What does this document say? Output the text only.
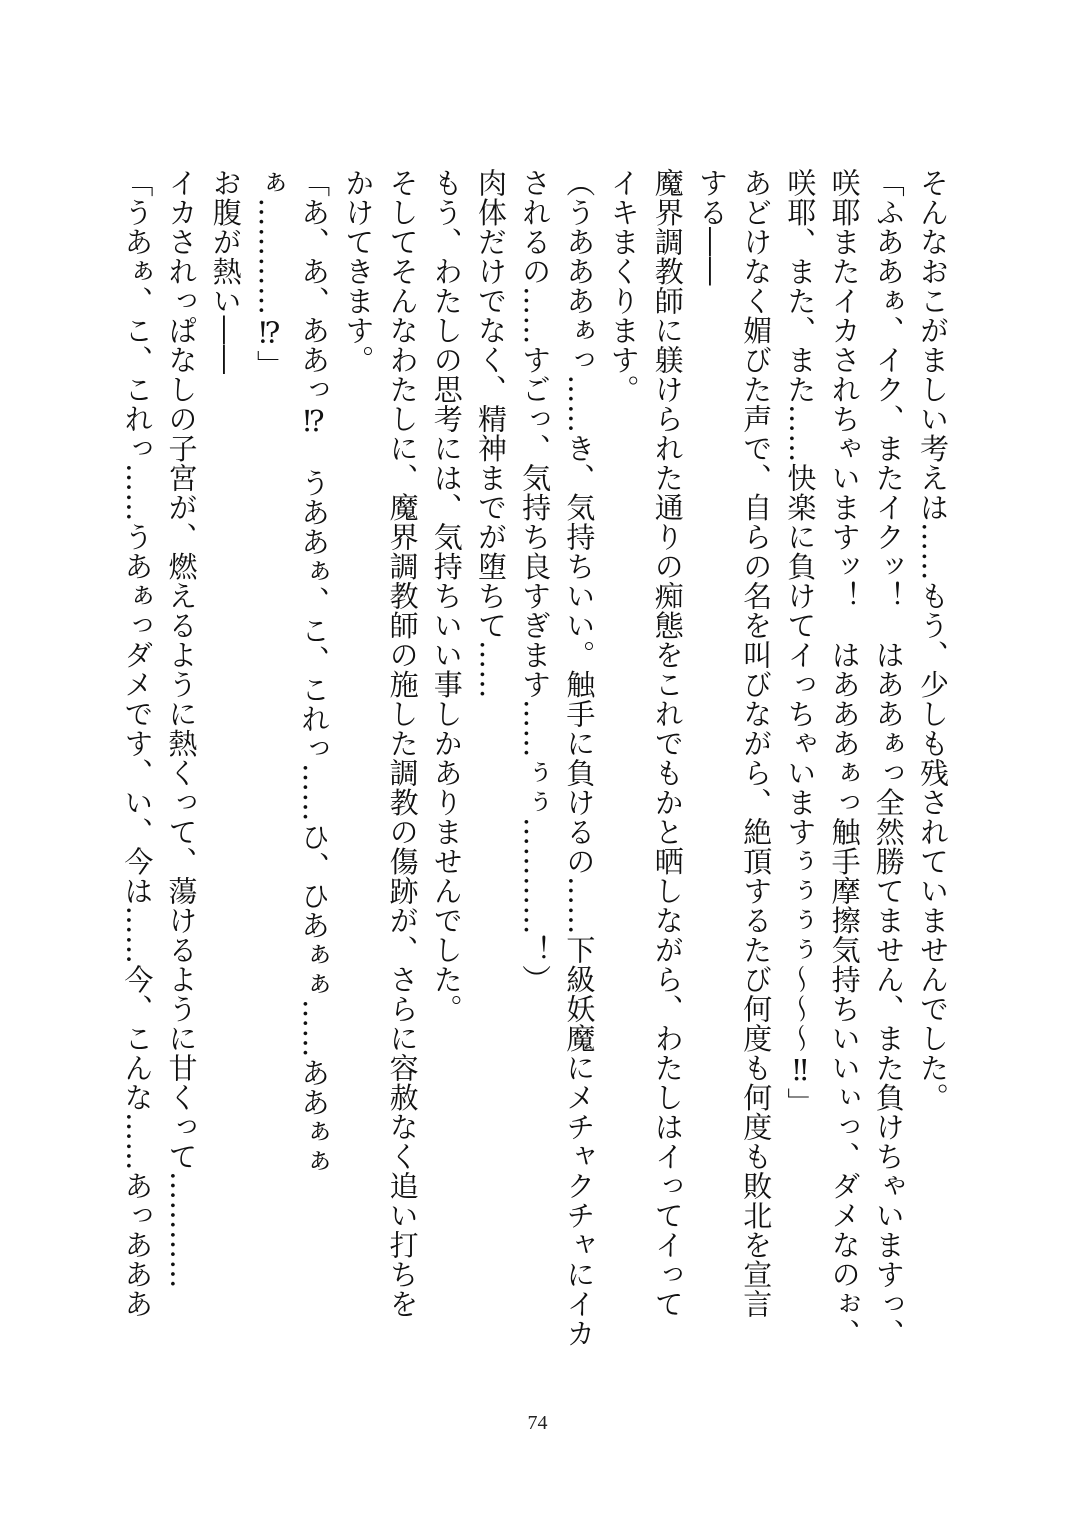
そんなおこがましい考えは……もう、少しも残されていませんでした。

「ふああぁ、イク、またイクッ！　はああぁっ全然勝てません、また負けちゃいますっ、

咲耶またイカされちゃいますッ！　はあああぁっ触手摩擦気持ちいいぃっ、ダメなのぉ、

咲耶、また、また……快楽に負けてイっちゃいますぅぅぅぅ～～～‼」

あどけなく媚びた声で、自らの名を叫びながら、絶頂するたび何度も何度も敗北を宣言

する――

魔界調教師に躾けられた通りの痴態をこれでもかと晒しながら、わたしはイってイって

イキまくります。

（うあああぁっ……き、気持ちいい。触手に負けるの……下級妖魔にメチャクチャにイカ

されるの……すごっ、気持ち良すぎます……ぅぅ…………！）

肉体だけでなく、精神までが堕ちて……

もう、わたしの思考には、気持ちいい事しかありませんでした。

そしてそんなわたしに、魔界調教師の施した調教の傷跡が、さらに容赦なく追い打ちを

かけてきます。

「あ、あ、ああっ⁉　うああぁ、こ、これっ……ひ、ひあぁぁ……ああぁぁぁ…………⁉」

お腹が熱い――

イカされっぱなしの子宮が、燃えるように熱くって、蕩けるように甘くって…………

「うあぁ、こ、これっ……うあぁっダメです、い、今は……今、こんな……あっあああ

74
